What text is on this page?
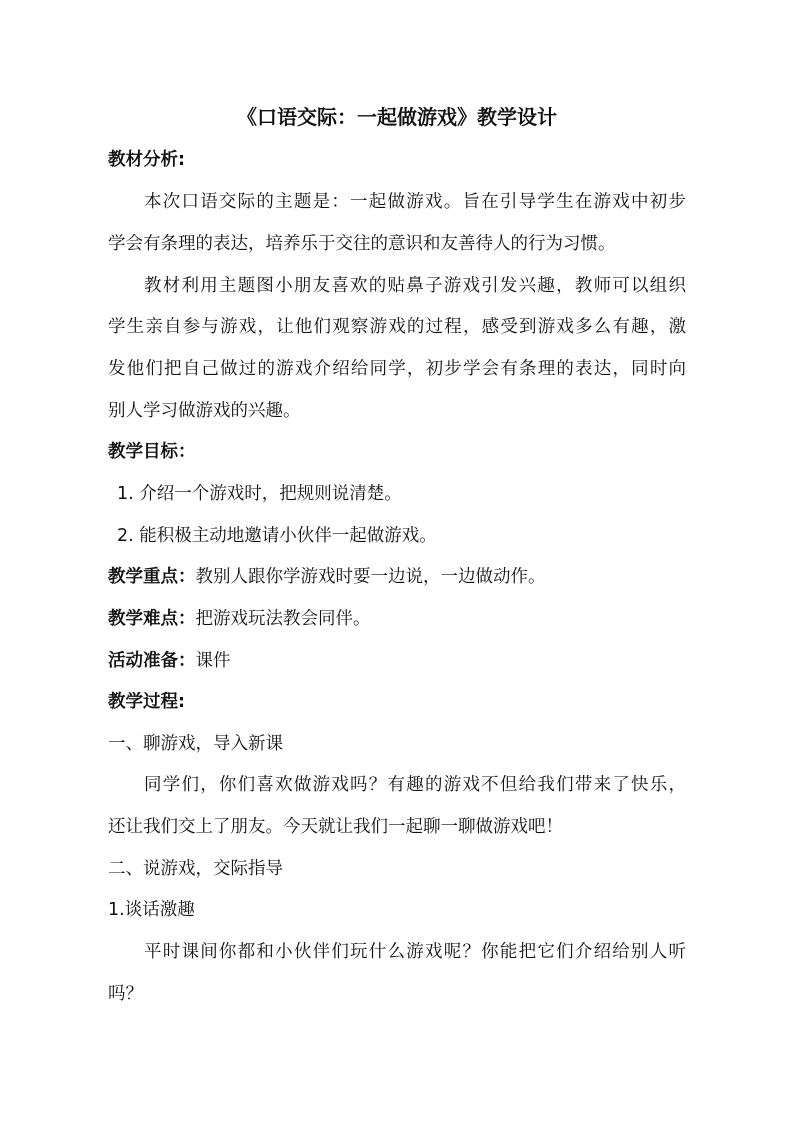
《口语交际：一起做游戏》教学设计
教材分析:
本次口语交际的主题是：一起做游戏。旨在引导学生在游戏中初步
学会有条理的表达，培养乐于交往的意识和友善待人的行为习惯。
教材利用主题图小朋友喜欢的贴鼻子游戏引发兴趣，教师可以组织
学生亲自参与游戏，让他们观察游戏的过程，感受到游戏多么有趣，激
发他们把自己做过的游戏介绍给同学，初步学会有条理的表达，同时向
别人学习做游戏的兴趣。
教学目标：
1. 介绍一个游戏时，把规则说清楚。
2. 能积极主动地邀请小伙伴一起做游戏。
教学重点：教别人跟你学游戏时要一边说，一边做动作。
教学难点：把游戏玩法教会同伴。
活动准备：课件
教学过程:
一、聊游戏，导入新课
同学们，你们喜欢做游戏吗？有趣的游戏不但给我们带来了快乐，
还让我们交上了朋友。今天就让我们一起聊一聊做游戏吧！
二、说游戏，交际指导
1.谈话激趣
平时课间你都和小伙伴们玩什么游戏呢？你能把它们介绍给别人听
吗？
